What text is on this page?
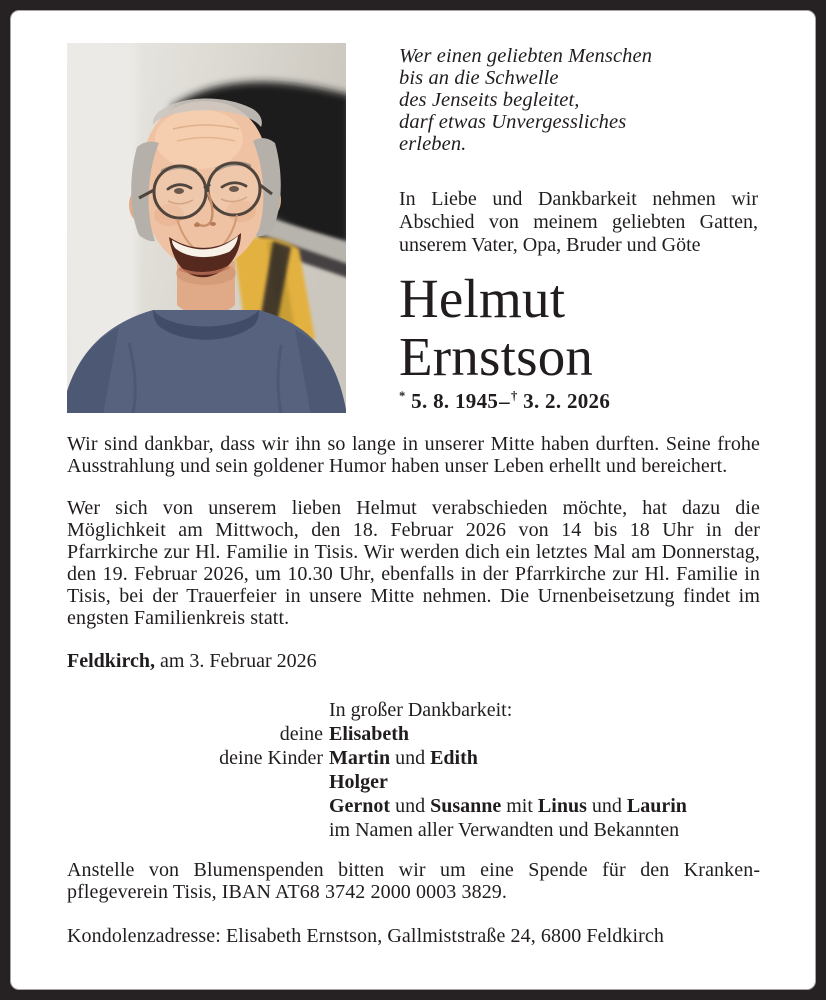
Wer einen geliebten Menschen
bis an die Schwelle
des Jenseits begleitet,
darf etwas Unvergessliches
erleben.

In Liebe und Dankbarkeit nehmen wir Abschied von meinem geliebten Gatten, unserem Vater, Opa, Bruder und Göte

Helmut
Ernstson
* 5. 8. 1945–† 3. 2. 2026

Wir sind dankbar, dass wir ihn so lange in unserer Mitte haben durften. Seine frohe Ausstrahlung und sein goldener Humor haben unser Leben erhellt und bereichert.

Wer sich von unserem lieben Helmut verabschieden möchte, hat dazu die Möglichkeit am Mittwoch, den 18. Februar 2026 von 14 bis 18 Uhr in der Pfarrkirche zur Hl. Familie in Tisis. Wir werden dich ein letztes Mal am Donnerstag, den 19. Februar 2026, um 10.30 Uhr, ebenfalls in der Pfarrkirche zur Hl. Familie in Tisis, bei der Trauerfeier in unsere Mitte nehmen. Die Urnenbeisetzung findet im engsten Familienkreis statt.

Feldkirch, am 3. Februar 2026

In großer Dankbarkeit:
deine Elisabeth
deine Kinder Martin und Edith
Holger
Gernot und Susanne mit Linus und Laurin
im Namen aller Verwandten und Bekannten

Anstelle von Blumenspenden bitten wir um eine Spende für den Krankenpflegeverein Tisis, IBAN AT68 3742 2000 0003 3829.

Kondolenzadresse: Elisabeth Ernstson, Gallmiststraße 24, 6800 Feldkirch
